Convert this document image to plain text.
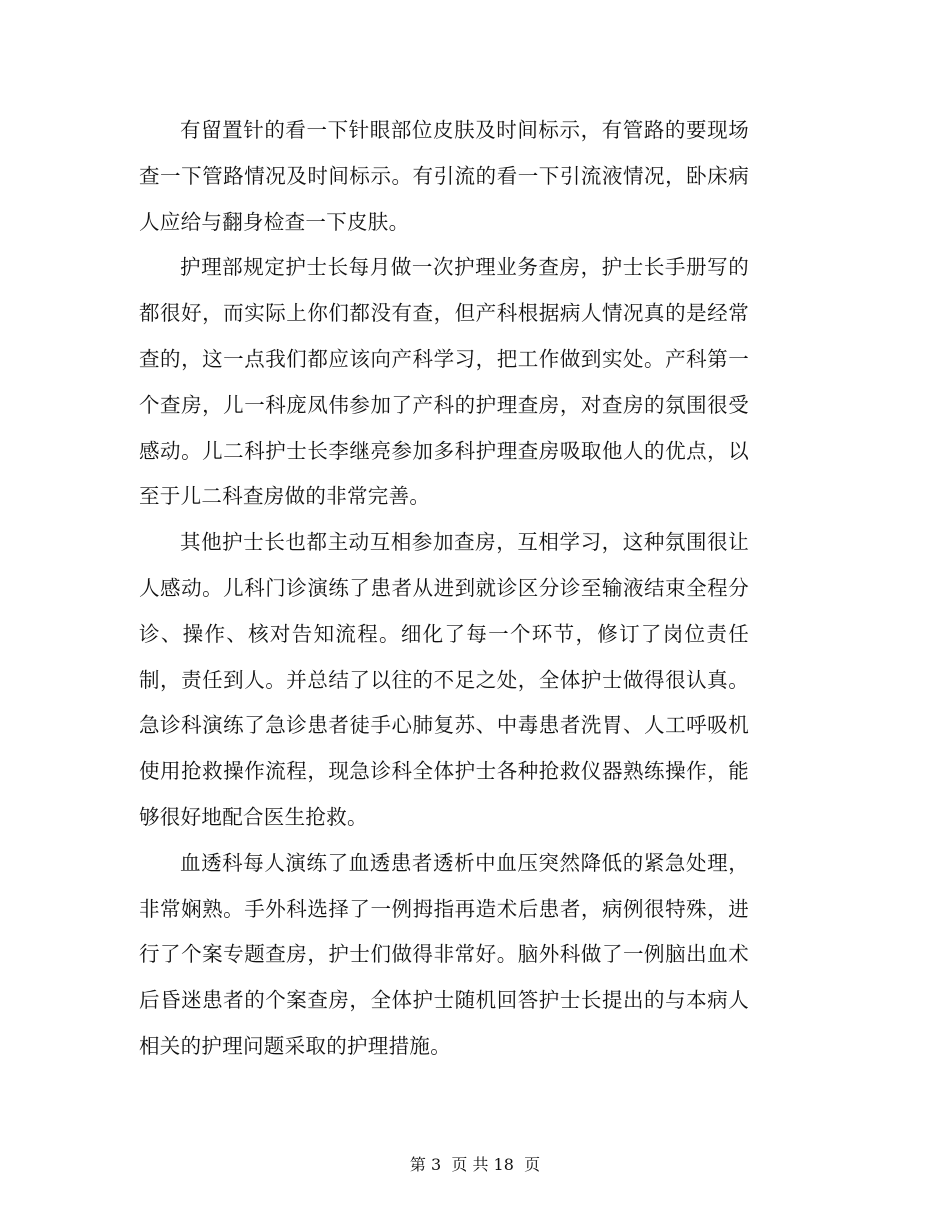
有留置针的看一下针眼部位皮肤及时间标示，有管路的要现场查一下管路情况及时间标示。有引流的看一下引流液情况，卧床病人应给与翻身检查一下皮肤。

护理部规定护士长每月做一次护理业务查房，护士长手册写的都很好，而实际上你们都没有查，但产科根据病人情况真的是经常查的，这一点我们都应该向产科学习，把工作做到实处。产科第一个查房，儿一科庞凤伟参加了产科的护理查房，对查房的氛围很受感动。儿二科护士长李继亮参加多科护理查房吸取他人的优点，以至于儿二科查房做的非常完善。

其他护士长也都主动互相参加查房，互相学习，这种氛围很让人感动。儿科门诊演练了患者从进到就诊区分诊至输液结束全程分诊、操作、核对告知流程。细化了每一个环节，修订了岗位责任制，责任到人。并总结了以往的不足之处，全体护士做得很认真。急诊科演练了急诊患者徒手心肺复苏、中毒患者洗胃、人工呼吸机使用抢救操作流程，现急诊科全体护士各种抢救仪器熟练操作，能够很好地配合医生抢救。

血透科每人演练了血透患者透析中血压突然降低的紧急处理，非常娴熟。手外科选择了一例拇指再造术后患者，病例很特殊，进行了个案专题查房，护士们做得非常好。脑外科做了一例脑出血术后昏迷患者的个案查房，全体护士随机回答护士长提出的与本病人相关的护理问题采取的护理措施。

第 3  页 共 18  页
